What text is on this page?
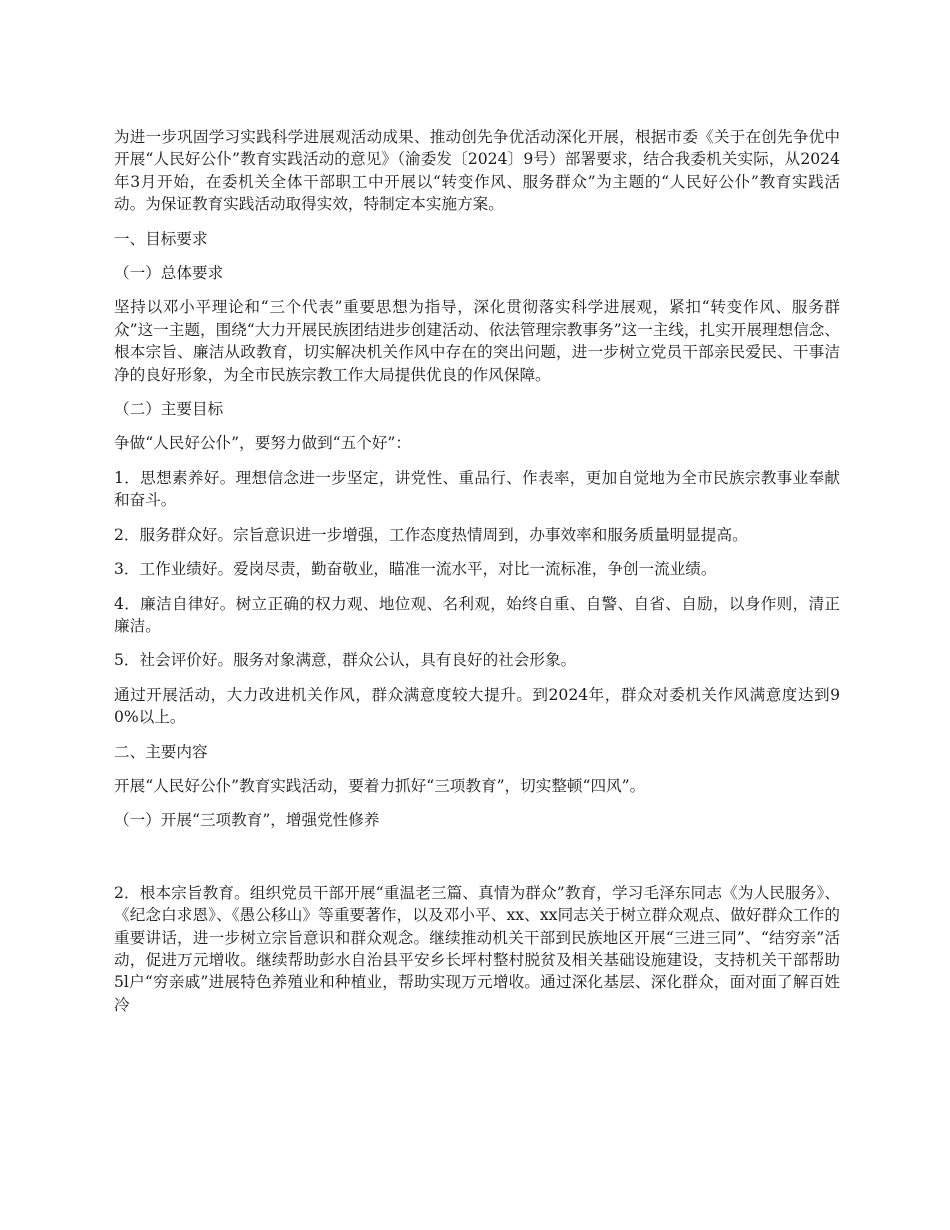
为进一步巩固学习实践科学进展观活动成果、推动创先争优活动深化开展，根据市委《关于在创先争优中开展“人民好公仆”教育实践活动的意见》（渝委发〔2024〕9号）部署要求，结合我委机关实际，从2024年3月开始，在委机关全体干部职工中开展以“转变作风、服务群众”为主题的“人民好公仆”教育实践活动。为保证教育实践活动取得实效，特制定本实施方案。

一、目标要求

（一）总体要求

坚持以邓小平理论和“三个代表”重要思想为指导，深化贯彻落实科学进展观，紧扣“转变作风、服务群众”这一主题，围绕“大力开展民族团结进步创建活动、依法管理宗教事务”这一主线，扎实开展理想信念、根本宗旨、廉洁从政教育，切实解决机关作风中存在的突出问题，进一步树立党员干部亲民爱民、干事洁净的良好形象，为全市民族宗教工作大局提供优良的作风保障。

（二）主要目标

争做“人民好公仆”，要努力做到“五个好”：

1．思想素养好。理想信念进一步坚定，讲党性、重品行、作表率，更加自觉地为全市民族宗教事业奉献和奋斗。

2．服务群众好。宗旨意识进一步增强，工作态度热情周到，办事效率和服务质量明显提高。

3．工作业绩好。爱岗尽责，勤奋敬业，瞄准一流水平，对比一流标准，争创一流业绩。

4．廉洁自律好。树立正确的权力观、地位观、名利观，始终自重、自警、自省、自励，以身作则，清正廉洁。

5．社会评价好。服务对象满意，群众公认，具有良好的社会形象。

通过开展活动，大力改进机关作风，群众满意度较大提升。到2024年，群众对委机关作风满意度达到90%以上。

二、主要内容

开展“人民好公仆”教育实践活动，要着力抓好“三项教育”，切实整顿“四风”。

（一）开展“三项教育”，增强党性修养

2．根本宗旨教育。组织党员干部开展“重温老三篇、真情为群众”教育，学习毛泽东同志《为人民服务》、《纪念白求恩》、《愚公移山》等重要著作，以及邓小平、xx、xx同志关于树立群众观点、做好群众工作的重要讲话，进一步树立宗旨意识和群众观念。继续推动机关干部到民族地区开展“三进三同”、“结穷亲”活动，促进万元增收。继续帮助彭水自治县平安乡长坪村整村脱贫及相关基础设施建设，支持机关干部帮助5l户“穷亲戚”进展特色养殖业和种植业，帮助实现万元增收。通过深化基层、深化群众，面对面了解百姓冷
